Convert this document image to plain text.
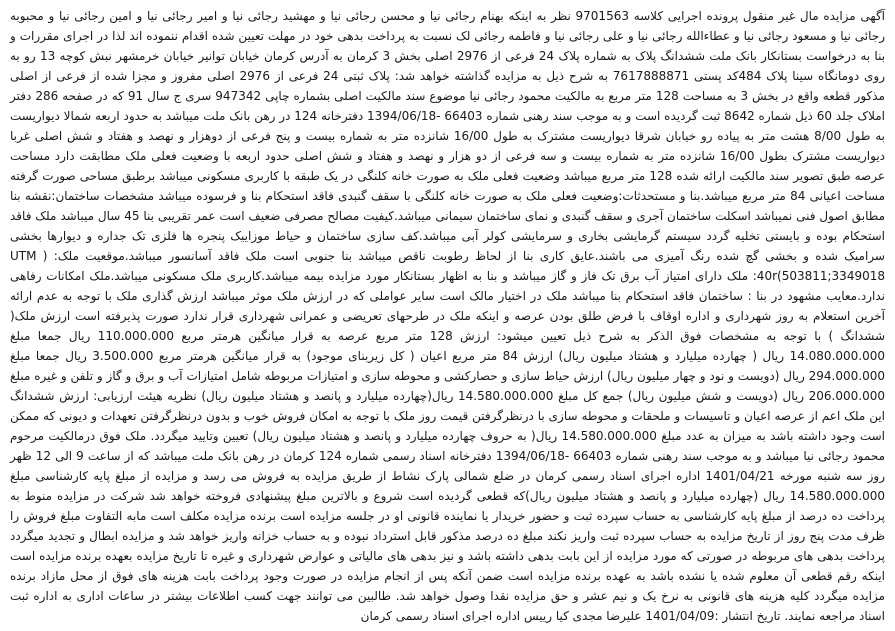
آگهی مزایده مال غیر منقول پرونده اجرایی کلاسه 9701563 نظر به اینکه بهنام رجائی نیا و محسن رجائی نیا و مهشید رجائی نیا و امیر رجائی نیا و امین رجائی نیا و محبوبه رجائی نیا و مسعود رجائی نیا و عطاءالله رجائی نیا و علی رجائی نیا و فاطمه رجائی لک نسبت به پرداخت بدهی خود در مهلت تعیین شده اقدام ننموده اند لذا در اجرای مقررات و بنا به درخواست بستانکار بانک ملت ششدانگ پلاک به شماره پلاک 24 فرعی از 2976 اصلی بخش 3 کرمان به آدرس کرمان خیابان توانیر خیابان خرمشهر نبش کوچه 13 رو به روی دومانگاه سینا پلاک 484کد پستی 7617888871 به شرح ذیل به مزایده گذاشته خواهد شد: پلاک ثبتی 24 فرعی از 2976 اصلی مفروز و مجزا شده از فرعی از اصلی مذکور قطعه واقع در بخش 3 به مساحت 128 متر مربع به مالکیت محمود رجائی نیا موضوع سند مالکیت اصلی بشماره چاپی 947342 سری ج سال 91 که در صفحه 286 دفتر املاک جلد 60 ذیل شماره 8642 ثبت گردیده است و به موجب سند رهنی شماره 66403 -1394/06/18 دفترخانه 124 در رهن بانک ملت میباشد به حدود اربعه شمالا دیواریست به طول 8/00 هشت متر به پیاده رو خیابان شرقا دیواریست مشترک به طول 16/00 شانزده متر به شماره بیست و پنج فرعی از دوهزار و نهصد و هفتاد و شش اصلی غربا دیواریست مشترک بطول 16/00 شانزده متر به شماره بیست و سه فرعی از دو هزار و نهصد و هفتاد و شش اصلی حدود اربعه با وضعیت فعلی ملک مطابقت دارد مساحت عرصه طبق تصویر سند مالکیت ارائه شده 128 متر مربع میباشد وضعیت فعلی ملک به صورت خانه کلنگی در یک طبقه با کاربری مسکونی میباشد برطبق مساحی صورت گرفته مساحت اعیانی 84 متر مربع میباشد.بنا و مستحدثات:وضعیت فعلی ملک به صورت خانه کلنگی با سقف گنبدی فاقد استحکام بنا و فرسوده میباشد مشخصات ساختمان:نقشه بنا مطابق اصول فنی نمیباشد اسکلت ساختمان آجری و سقف گنبدی و نمای ساختمان سیمانی میباشد.کیفیت مصالح مصرفی ضعیف است عمر تقریبی بنا 45 سال میباشد ملک فاقد استحکام بوده و بایستی تخلیه گردد سیستم گرمایشی بخاری و سرمایشی کولر آبی میباشد.کف سازی ساختمان و حیاط موزاییک پنجره ها فلزی تک جداره و دیوارها بخشی سرامیک شده و بخشی گچ شده رنگ آمیزی می باشند.عایق کاری بنا از لحاظ رطوبت ناقص میباشد بنا جنوبی است ملک فاقد آسانسور میباشد.موقعیت ملک: ( UTM :40r(503811;3349018 ملک دارای امتیاز آب برق تک فاز و گاز میباشد و بنا به اظهار بستانکار مورد مزایده بیمه میباشد.کاربری ملک مسکونی میباشد.ملک امکانات رفاهی ندارد.معایب مشهود در بنا : ساختمان فاقد استحکام بنا میباشد ملک در اختیار مالک است سایر عواملی که در ارزش ملک موثر میباشد ارزش گذاری ملک با توجه به عدم ارائه آخرین استعلام به روز شهرداری و اداره اوقاف با فرض طلق بودن عرصه و اینکه ملک در طرحهای تعریضی و عمرانی شهرداری قرار ندارد صورت پذیرفته است ارزش ملک( ششدانگ ) با توجه به مشخصات فوق الذکر به شرح ذیل تعیین میشود: ارزش 128 متر مربع عرصه به قرار میانگین هرمتر مربع 110.000.000 ریال جمعا مبلغ 14.080.000.000 ریال ( چهارده میلیارد و هشتاد میلیون ریال) ارزش 84 متر مربع اعیان ( کل زیربنای موجود) به قرار میانگین هرمتر مربع 3.500.000 ریال جمعا مبلغ 294.000.000 ریال (دویست و نود و چهار میلیون ریال) ارزش حیاط سازی و حصارکشی و محوطه سازی و امتیازات مربوطه شامل امتیازات آب و برق و گاز و تلفن و غیره مبلغ 206.000.000 ریال (دویست و شش میلیون ریال) جمع کل مبلغ 14.580.000.000 ریال(چهارده میلیارد و پانصد و هشتاد میلیون ریال) نظریه هیئت ارزیابی: ارزش ششدانگ این ملک اعم از عرصه اعیان و تاسیسات و ملحقات و محوطه سازی با درنظرگرفتن قیمت روز ملک با توجه به امکان فروش خوب و بدون درنظرگرفتن تعهدات و دیونی که ممکن است وجود داشته باشد به میزان به عدد مبلغ 14.580.000.000 ریال( به حروف چهارده میلیارد و پانصد و هشتاد میلیون ریال) تعیین وتایید میگردد. ملک فوق درمالکیت مرحوم محمود رجائی نیا میباشد و به موجب سند رهنی شماره 66403 -1394/06/18 دفترخانه اسناد رسمی شماره 124 کرمان در رهن بانک ملت میباشد که از ساعت 9 الی 12 ظهر روز سه شنبه مورخه 1401/04/21 اداره اجرای اسناد رسمی کرمان در ضلع شمالی پارک نشاط از طریق مزایده به فروش می رسد و مزایده از مبلغ پایه کارشناسی مبلغ 14.580.000.000 ریال (چهارده میلیارد و پانصد و هشتاد میلیون ریال)که قطعی گردیده است شروع و بالاترین مبلغ پیشنهادی فروخته خواهد شد شرکت در مزایده منوط به پرداخت ده درصد از مبلغ پایه کارشناسی به حساب سپرده ثبت و حضور خریدار یا نماینده قانونی او در جلسه مزایده است برنده مزایده مکلف است مابه التفاوت مبلغ فروش را ظرف مدت پنج روز از تاریخ مزایده به حساب سپرده ثبت واریز نکند مبلغ ده درصد مذکور قابل استرداد نبوده و به حساب خزانه واریز خواهد شد و مزایده ابطال و تجدید میگردد پرداخت بدهی های مربوطه در صورتی که مورد مزایده از این بابت بدهی داشته باشد و نیز بدهی های مالیاتی و عوارض شهرداری و غیره تا تاریخ مزایده بعهده برنده مزایده است اینکه رقم قطعی آن معلوم شده یا نشده باشد به عهده برنده مزایده است ضمن آنکه پس از انجام مزایده در صورت وجود پرداخت بابت هزینه های فوق از محل مازاد برنده مزایده میگردد کلیه هزینه های قانونی به نرخ یک و نیم عشر و حق مزایده نقدا وصول خواهد شد. طالبین می توانند جهت کسب اطلاعات بیشتر در ساعات اداری به اداره ثبت اسناد مراجعه نمایند. تاریخ انتشار :1401/04/09 علیرضا مجدی کیا رییس اداره اجرای اسناد رسمی کرمان
